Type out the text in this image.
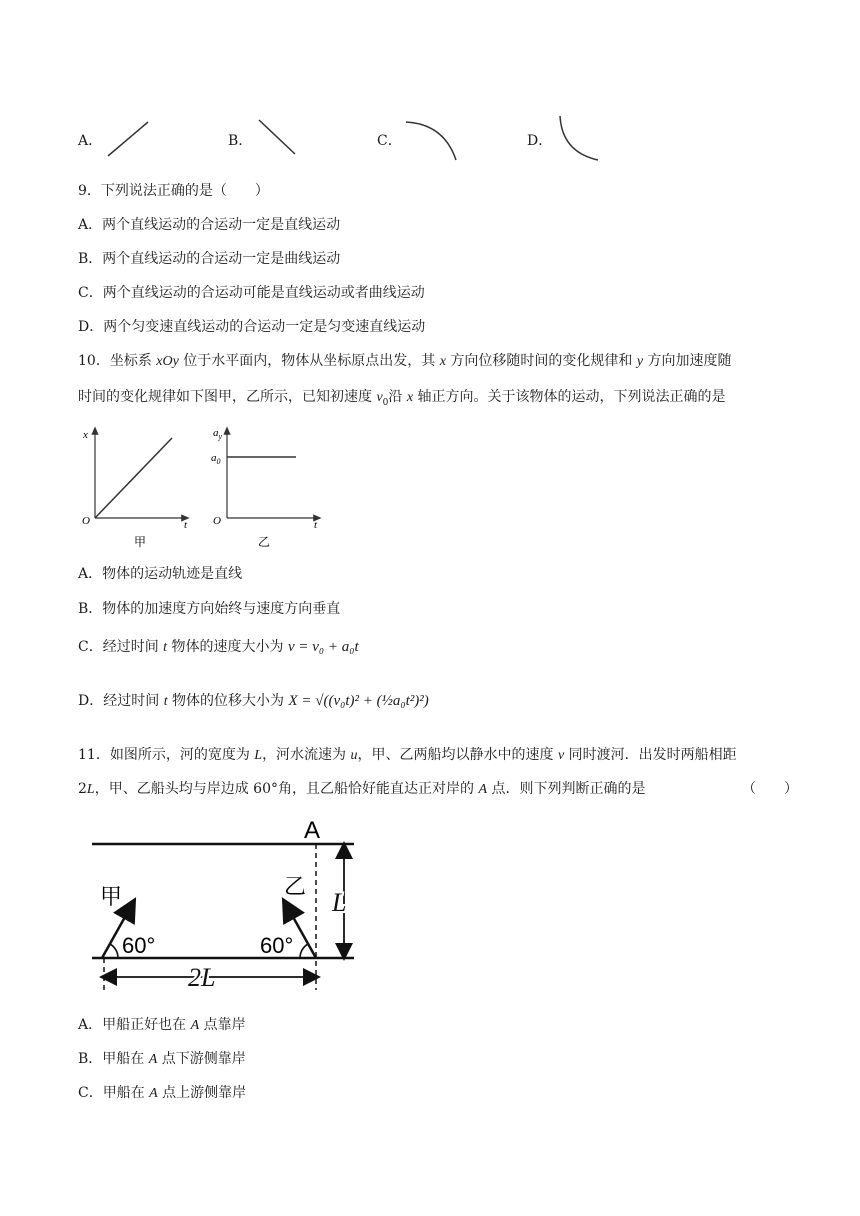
A．	B．	C．	D．
9．下列说法正确的是（　　）
A．两个直线运动的合运动一定是直线运动
B．两个直线运动的合运动一定是曲线运动
C．两个直线运动的合运动可能是直线运动或者曲线运动
D．两个匀变速直线运动的合运动一定是匀变速直线运动
10．坐标系 xOy 位于水平面内，物体从坐标原点出发，其 x 方向位移随时间的变化规律和 y 方向加速度随
时间的变化规律如下图甲，乙所示，已知初速度 $v_0$沿 x 轴正方向。关于该物体的运动，下列说法正确的是
x
t
O
甲
$a_y$
$a_0$
t
O
乙
A．物体的运动轨迹是直线
B．物体的加速度方向始终与速度方向垂直
C．经过时间 t 物体的速度大小为 v = v₀ + a₀t
D．经过时间 t 物体的位移大小为 X = √((v₀t)² + (½a₀t²)²)
11．如图所示，河的宽度为 L，河水流速为 u，甲、乙两船均以静水中的速度 v 同时渡河．出发时两船相距
2L，甲、乙船头均与岸边成 60°角，且乙船恰好能直达正对岸的 A 点．则下列判断正确的是	（　　）
A
L
甲
60°
乙
60°
2L
A．甲船正好也在 A 点靠岸
B．甲船在 A 点下游侧靠岸
C．甲船在 A 点上游侧靠岸
